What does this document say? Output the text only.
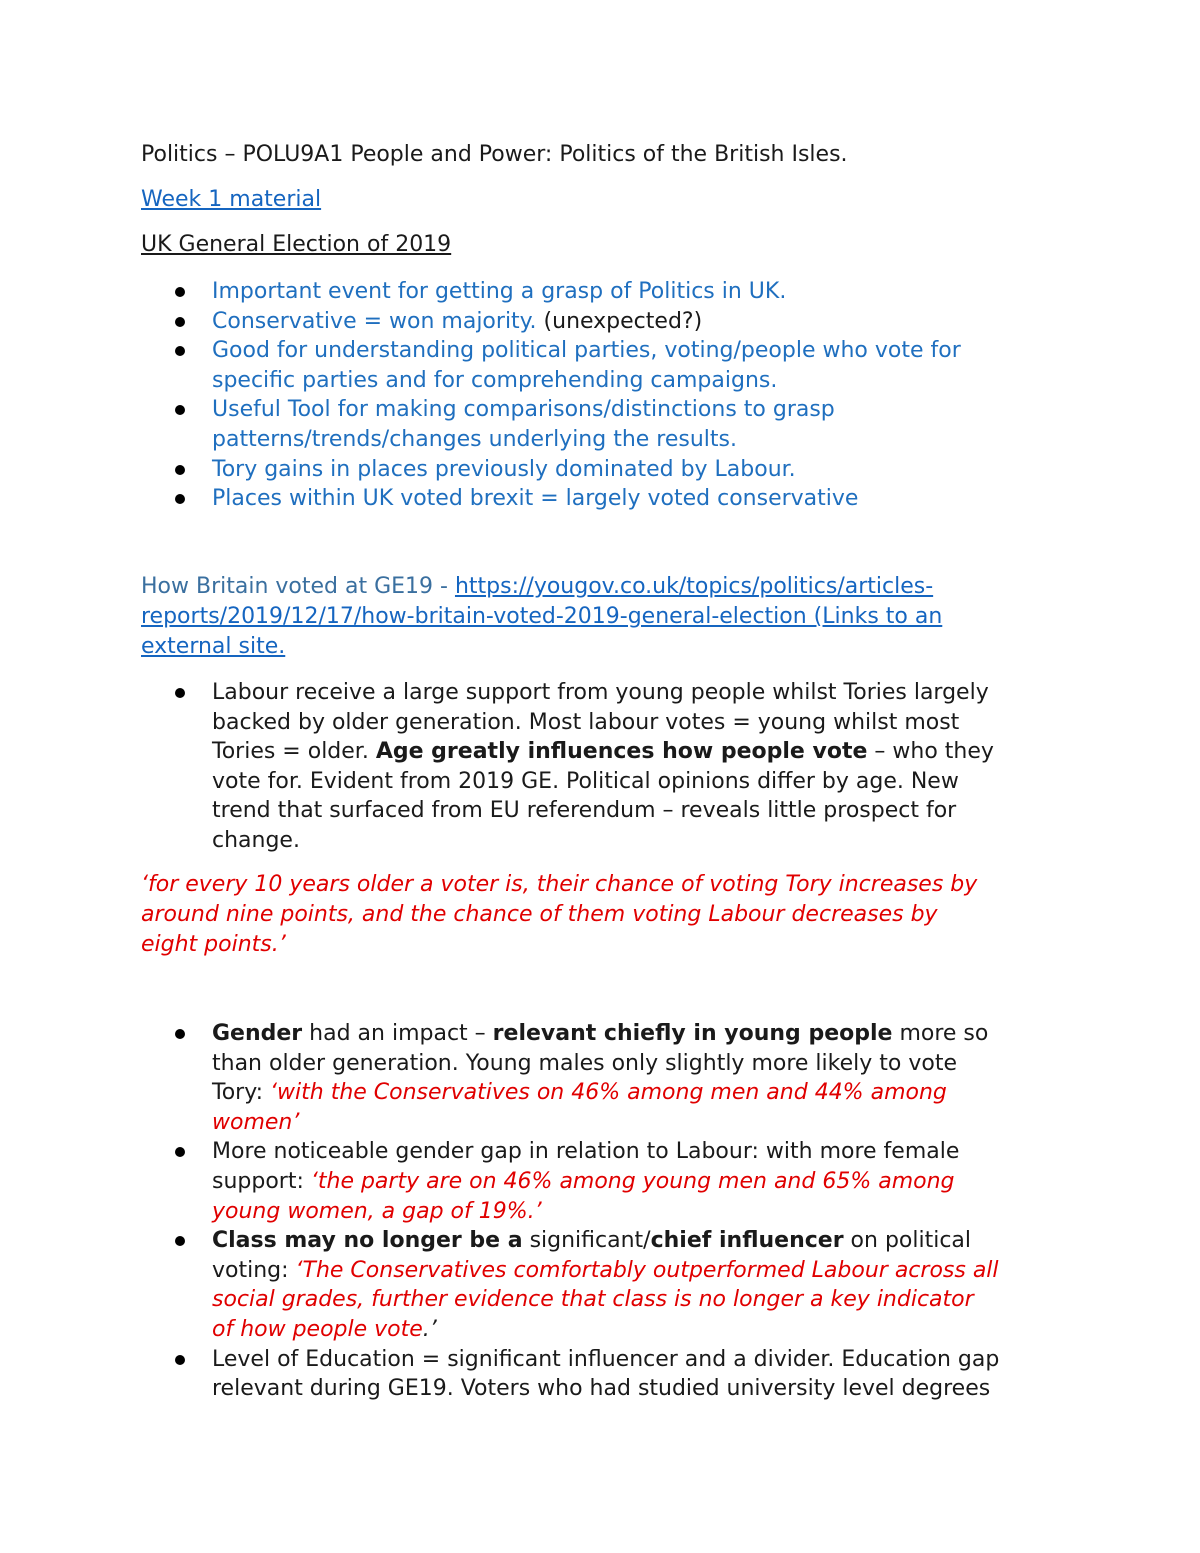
Politics – POLU9A1 People and Power: Politics of the British Isles.

Week 1 material

UK General Election of 2019

Important event for getting a grasp of Politics in UK.
Conservative = won majority. (unexpected?)
Good for understanding political parties, voting/people who vote for
specific parties and for comprehending campaigns.
Useful Tool for making comparisons/distinctions to grasp
patterns/trends/changes underlying the results.
Tory gains in places previously dominated by Labour.
Places within UK voted brexit = largely voted conservative
How Britain voted at GE19 - https://yougov.co.uk/topics/politics/articles-
reports/2019/12/17/how-britain-voted-2019-general-election (Links to an
external site.
Labour receive a large support from young people whilst Tories largely
backed by older generation. Most labour votes = young whilst most
Tories = older. Age greatly influences how people vote – who they
vote for. Evident from 2019 GE. Political opinions differ by age. New
trend that surfaced from EU referendum – reveals little prospect for
change.
‘for every 10 years older a voter is, their chance of voting Tory increases by
around nine points, and the chance of them voting Labour decreases by
eight points.’
Gender had an impact – relevant chiefly in young people more so
than older generation. Young males only slightly more likely to vote
Tory: ‘with the Conservatives on 46% among men and 44% among
women’
More noticeable gender gap in relation to Labour: with more female
support: ‘the party are on 46% among young men and 65% among
young women, a gap of 19%.’
Class may no longer be a significant/chief influencer on political
voting: ‘The Conservatives comfortably outperformed Labour across all
social grades, further evidence that class is no longer a key indicator
of how people vote.’
Level of Education = significant influencer and a divider. Education gap
relevant during GE19. Voters who had studied university level degrees
